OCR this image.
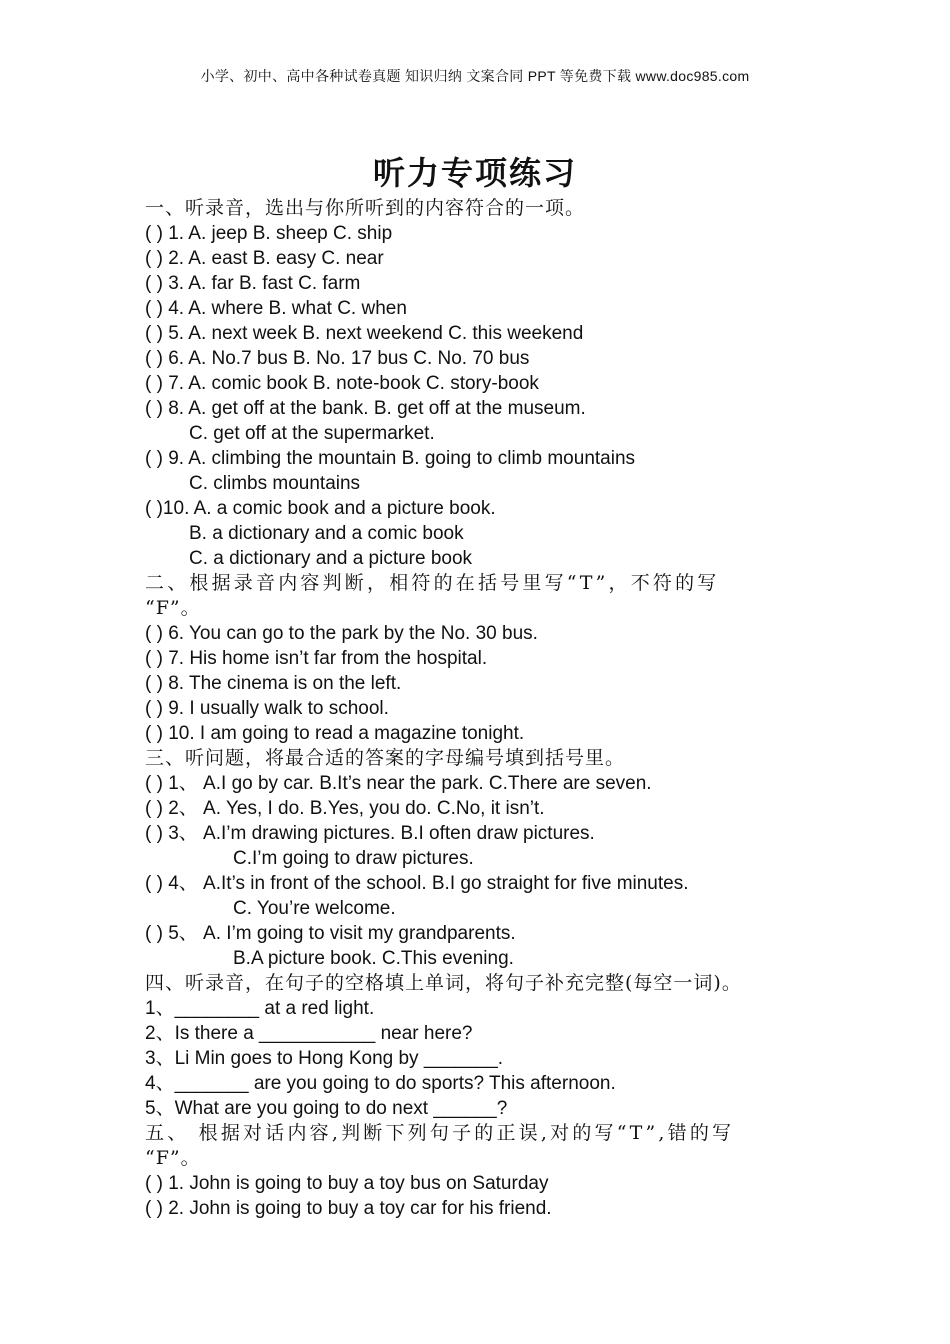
小学、初中、高中各种试卷真题 知识归纳 文案合同 PPT 等免费下载 www.doc985.com
听力专项练习
一、听录音，选出与你所听到的内容符合的一项。
( ) 1. A. jeep B. sheep C. ship
( ) 2. A. east B. easy C. near
( ) 3. A. far B. fast C. farm
( ) 4. A. where B. what C. when
( ) 5. A. next week B. next weekend C. this weekend
( ) 6. A. No.7 bus B. No. 17 bus C. No. 70 bus
( ) 7. A. comic book B. note-book C. story-book
( ) 8. A. get off at the bank. B. get off at the museum.
C. get off at the supermarket.
( ) 9. A. climbing the mountain B. going to climb mountains
C. climbs mountains
( )10. A. a comic book and a picture book.
B. a dictionary and a comic book
C. a dictionary and a picture book
二、根据录音内容判断，相符的在括号里写“T”，不符的写
“F”。
( ) 6. You can go to the park by the No. 30 bus.
( ) 7. His home isn’t far from the hospital.
( ) 8. The cinema is on the left.
( ) 9. I usually walk to school.
( ) 10. I am going to read a magazine tonight.
三、听问题，将最合适的答案的字母编号填到括号里。
( ) 1、 A.I go by car. B.It’s near the park. C.There are seven.
( ) 2、 A. Yes, I do. B.Yes, you do. C.No, it isn’t.
( ) 3、 A.I’m drawing pictures. B.I often draw pictures.
C.I’m going to draw pictures.
( ) 4、 A.It’s in front of the school. B.I go straight for five minutes.
C. You’re welcome.
( ) 5、 A. I’m going to visit my grandparents.
B.A picture book. C.This evening.
四、听录音，在句子的空格填上单词，将句子补充完整(每空一词)。
1、________ at a red light.
2、Is there a ___________ near here?
3、Li Min goes to Hong Kong by _______.
4、_______ are you going to do sports? This afternoon.
5、What are you going to do next ______?
五、 根据对话内容,判断下列句子的正误,对的写“T”,错的写
“F”。
( ) 1. John is going to buy a toy bus on Saturday
( ) 2. John is going to buy a toy car for his friend.
